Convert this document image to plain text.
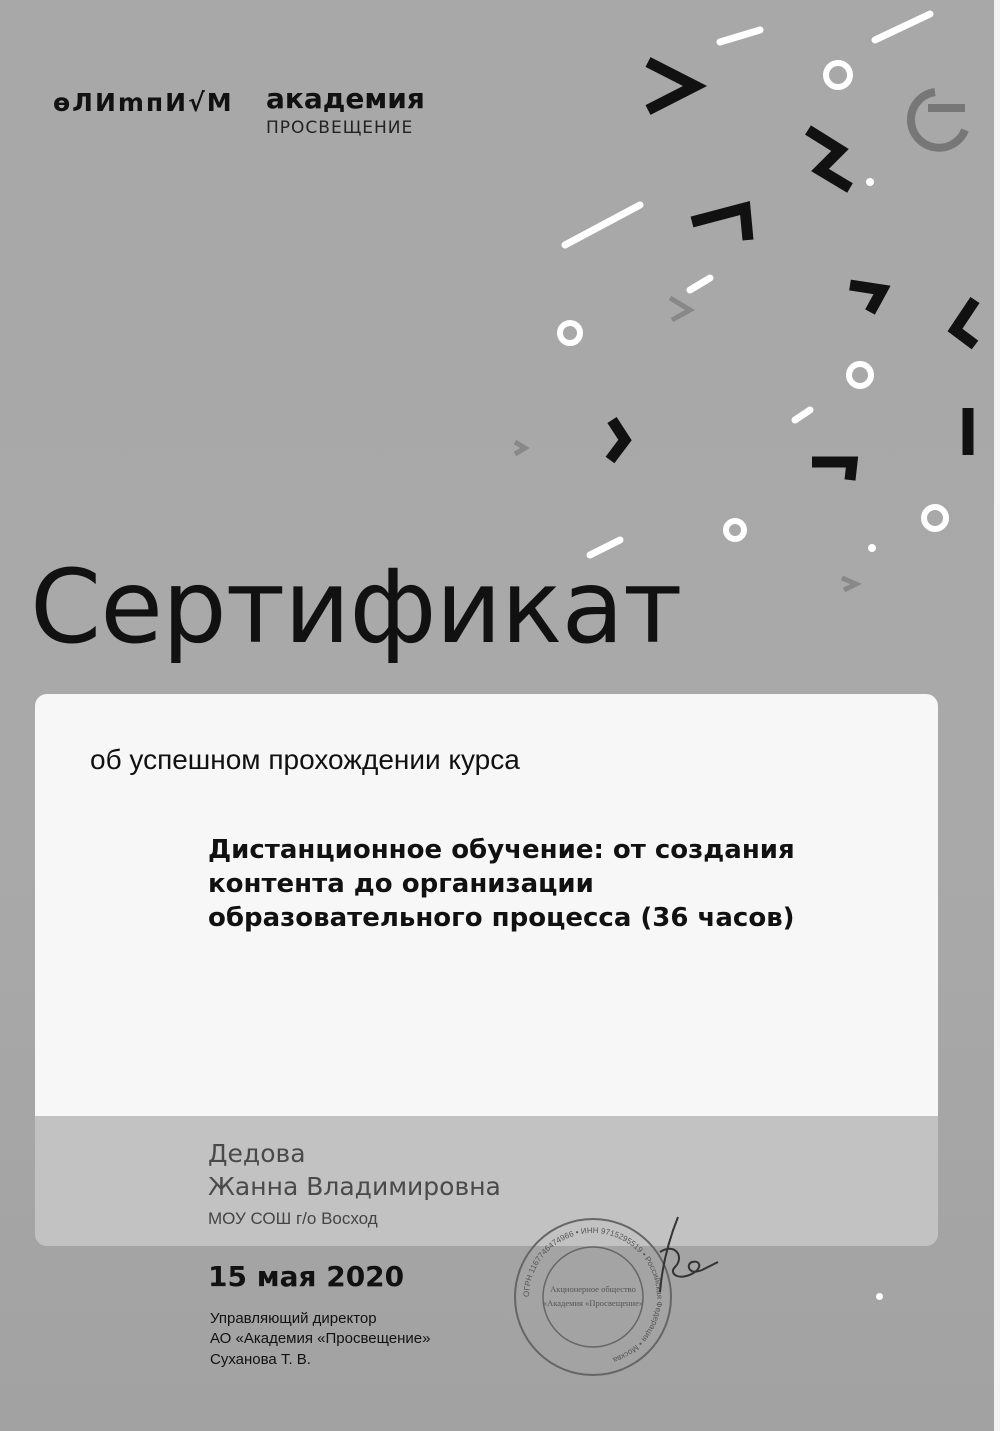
ѳЛИmпИ√M академия
ПРОСВЕЩЕНИЕ
Сертификат
об успешном прохождении курса
Дистанционное обучение: от создания контента до организации образовательного процесса (36 часов)
Дедова
Жанна Владимировна
МОУ СОШ г/о Восход
15 мая 2020
Управляющий директор
АО «Академия «Просвещение»
Суханова Т. В.
ОГРН 1167746474966 • ИНН 9715295519 • Российская Федерация • Москва
Акционерное общество
«Академия «Просвещение»
